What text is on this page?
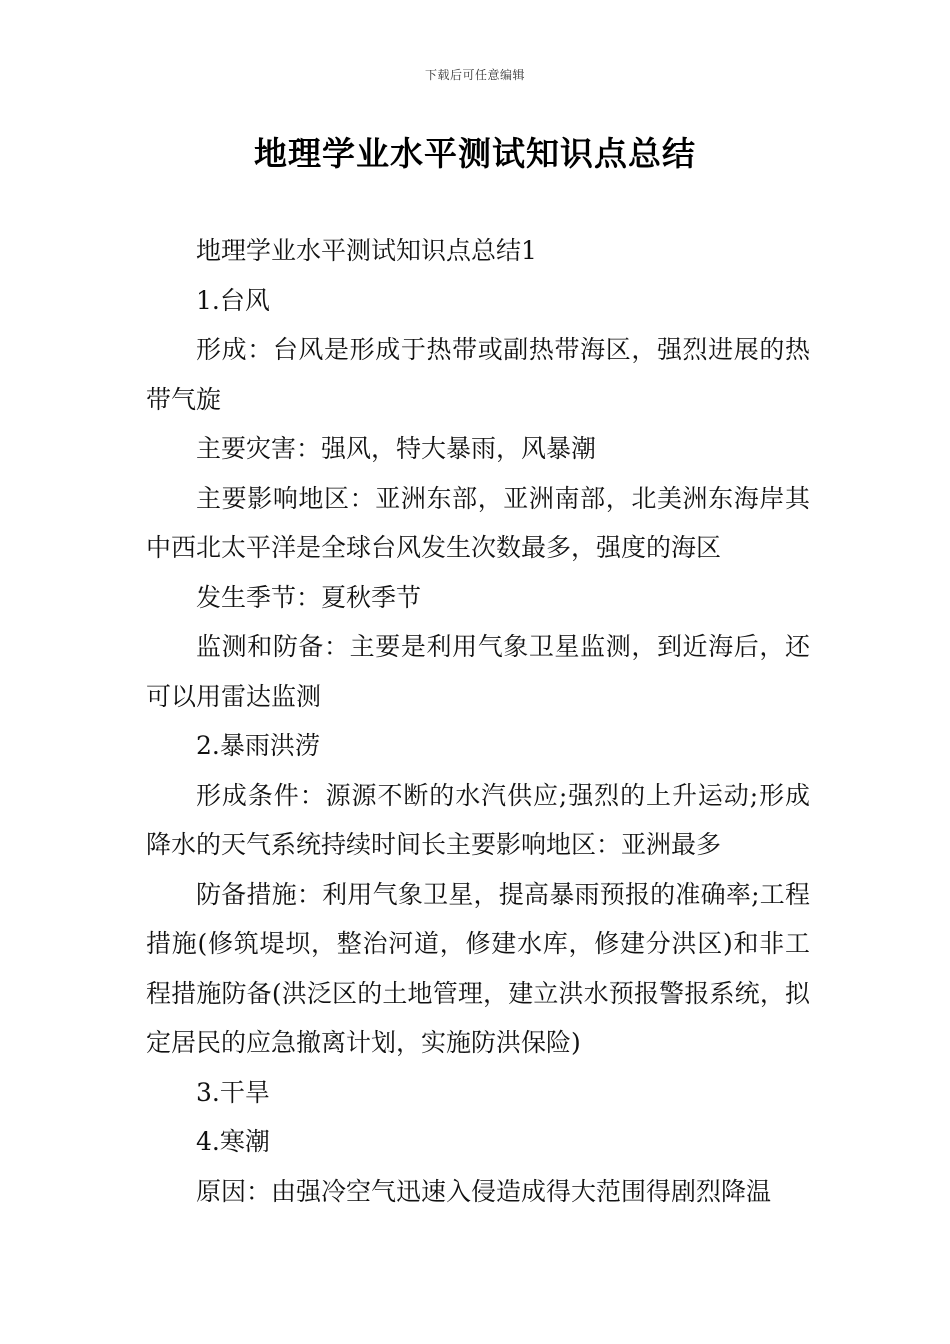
下载后可任意编辑
地理学业水平测试知识点总结

地理学业水平测试知识点总结1

1.台风

形成：台风是形成于热带或副热带海区，强烈进展的热带气旋

主要灾害：强风，特大暴雨，风暴潮

主要影响地区：亚洲东部，亚洲南部，北美洲东海岸其中西北太平洋是全球台风发生次数最多，强度的海区

发生季节：夏秋季节

监测和防备：主要是利用气象卫星监测，到近海后，还可以用雷达监测

2.暴雨洪涝

形成条件：源源不断的水汽供应;强烈的上升运动;形成降水的天气系统持续时间长主要影响地区：亚洲最多

防备措施：利用气象卫星，提高暴雨预报的准确率;工程措施(修筑堤坝，整治河道，修建水库，修建分洪区)和非工程措施防备(洪泛区的土地管理，建立洪水预报警报系统，拟定居民的应急撤离计划，实施防洪保险)

3.干旱

4.寒潮

原因：由强冷空气迅速入侵造成得大范围得剧烈降温
